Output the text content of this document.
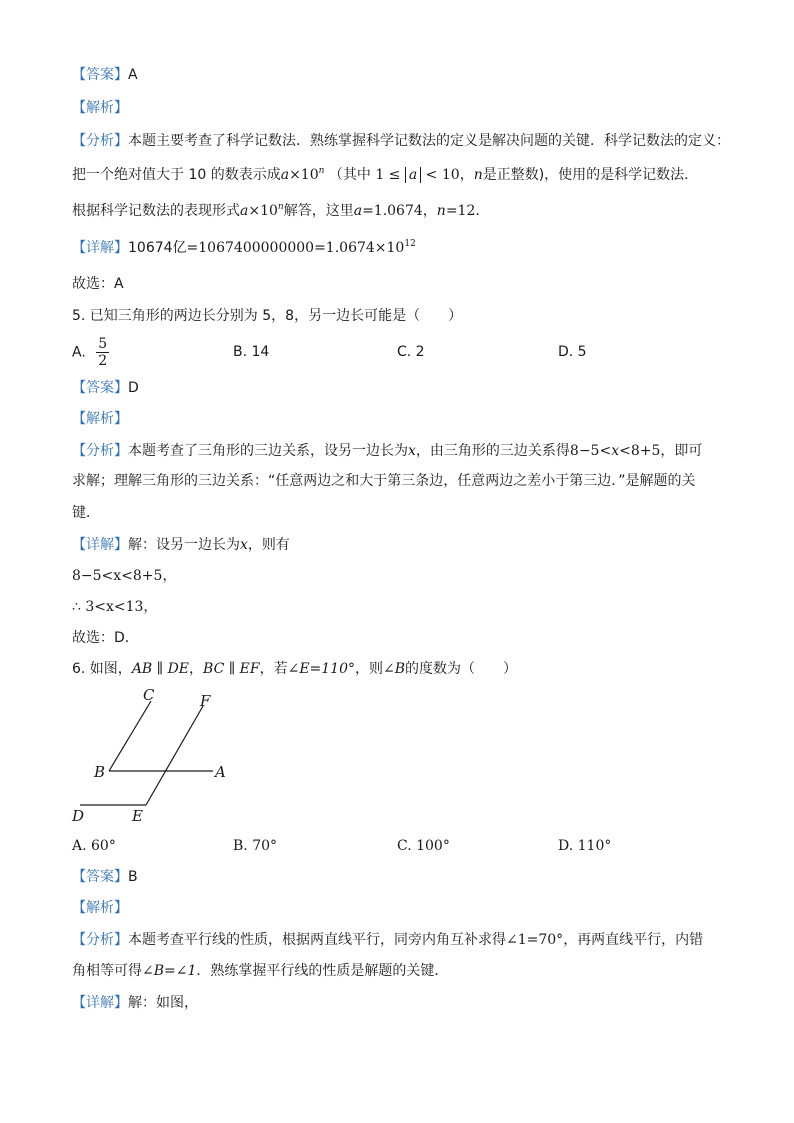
【答案】A
【解析】
【分析】本题主要考查了科学记数法．熟练掌握科学记数法的定义是解决问题的关键．科学记数法的定义：
把一个绝对值大于 10 的数表示成$a\times 10^n$ （其中 1 ≤ a < 10，n是正整数)，使用的是科学记数法．
根据科学记数法的表现形式$a\times 10^n$解答，这里a=1.0674，n=12．
【详解】10674亿$=1067400000000=1.0674\times 10^{12}$
故选：A
5. 已知三角形的两边长分别为 5，8，另一边长可能是（　　）
A. $\frac{5}{2}$	B. 14	C. 2	D. 5
【答案】D
【解析】
【分析】本题考查了三角形的三边关系，设另一边长为x，由三角形的三边关系得8−5<x<8+5，即可
求解；理解三角形的三边关系：“任意两边之和大于第三条边，任意两边之差小于第三边．”是解题的关
键．
【详解】解：设另一边长为x，则有
8−5<x<8+5，
∴ 3<x<13，
故选：D．
6. 如图，AB ∥ DE，BC ∥ EF，若∠E=110°，则∠B的度数为（　　）
C	F
B	A
D	E
A. 60°	B. 70°	C. 100°	D. 110°
【答案】B
【解析】
【分析】本题考查平行线的性质，根据两直线平行，同旁内角互补求得∠1=70°，再两直线平行，内错
角相等可得∠B=∠1．熟练掌握平行线的性质是解题的关键．
【详解】解：如图，
